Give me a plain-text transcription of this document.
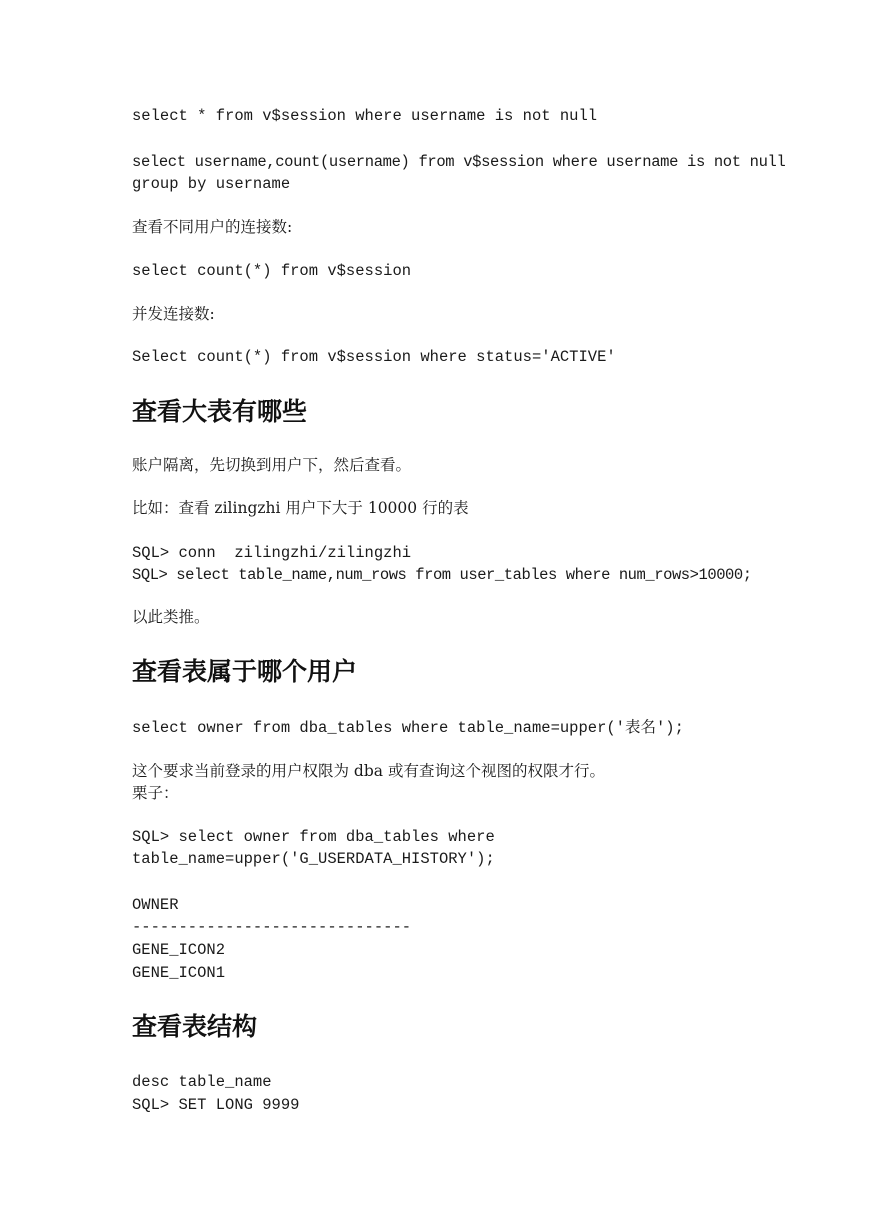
select * from v$session where username is not null
select username,count(username) from v$session where username is not null
group by username
查看不同用户的连接数:
select count(*) from v$session
并发连接数:
Select count(*) from v$session where status='ACTIVE'
查看大表有哪些
账户隔离，先切换到用户下，然后查看。
比如：查看 zilingzhi 用户下大于 10000 行的表
SQL> conn  zilingzhi/zilingzhi
SQL> select table_name,num_rows from user_tables where num_rows>10000;
以此类推。
查看表属于哪个用户
select owner from dba_tables where table_name=upper('表名');
这个要求当前登录的用户权限为 dba 或有查询这个视图的权限才行。
栗子：
SQL> select owner from dba_tables where
table_name=upper('G_USERDATA_HISTORY');
OWNER
------------------------------
GENE_ICON2
GENE_ICON1
查看表结构
desc table_name
SQL> SET LONG 9999
